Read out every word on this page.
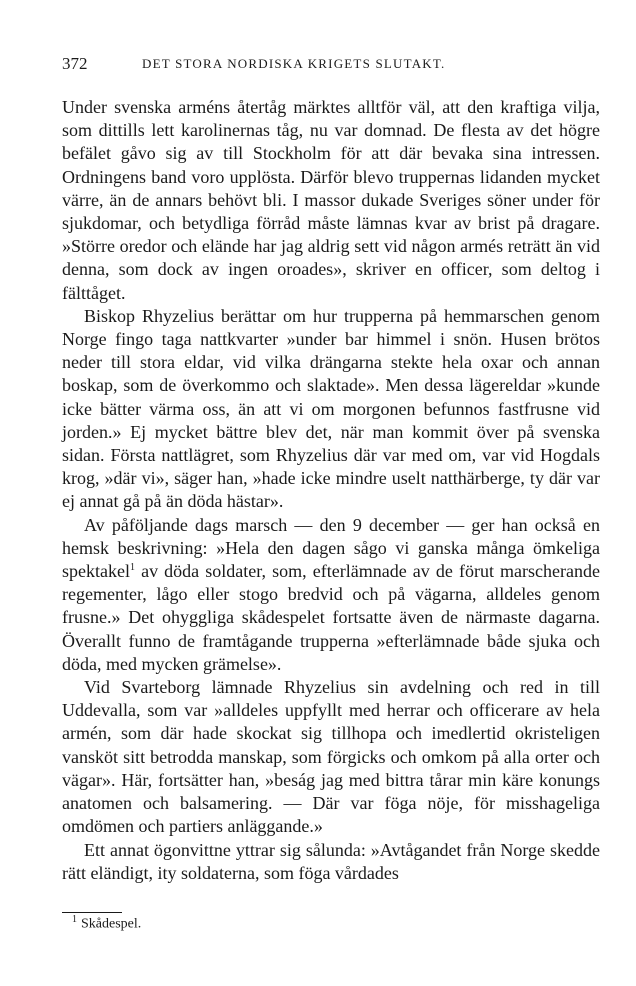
372	DET STORA NORDISKA KRIGETS SLUTAKT.

Under svenska arméns återtåg märktes alltför väl, att den kraftiga vilja, som dittills lett karolinernas tåg, nu var domnad. De flesta av det högre befälet gåvo sig av till Stockholm för att där bevaka sina intressen. Ordningens band voro upplösta. Därför blevo truppernas lidanden mycket värre, än de annars behövt bli. I massor dukade Sveriges söner under för sjukdomar, och betydliga förråd måste lämnas kvar av brist på dragare. »Större oredor och elände har jag aldrig sett vid någon armés reträtt än vid denna, som dock av ingen oroades», skriver en officer, som deltog i fälttåget.

Biskop Rhyzelius berättar om hur trupperna på hemmarschen genom Norge fingo taga nattkvarter »under bar himmel i snön. Husen brötos neder till stora eldar, vid vilka drängarna stekte hela oxar och annan boskap, som de överkommo och slaktade». Men dessa lägereldar »kunde icke bätter värma oss, än att vi om morgonen befunnos fastfrusne vid jorden.» Ej mycket bättre blev det, när man kommit över på svenska sidan. Första nattlägret, som Rhyzelius där var med om, var vid Hogdals krog, »där vi», säger han, »hade icke mindre uselt natthärberge, ty där var ej annat gå på än döda hästar».

Av påföljande dags marsch — den 9 december — ger han också en hemsk beskrivning: »Hela den dagen sågo vi ganska många ömkeliga spektakel$^1$ av döda soldater, som, efterlämnade av de förut marscherande regementer, lågo eller stogo bredvid och på vägarna, alldeles genom frusne.» Det ohyggliga skådespelet fortsatte även de närmaste dagarna. Överallt funno de framtågande trupperna »efterlämnade både sjuka och döda, med mycken grämelse».

Vid Svarteborg lämnade Rhyzelius sin avdelning och red in till Uddevalla, som var »alldeles uppfyllt med herrar och officerare av hela armén, som där hade skockat sig tillhopa och imedlertid okristeligen vansköt sitt betrodda manskap, som förgicks och omkom på alla orter och vägar». Här, fortsätter han, »beság jag med bittra tårar min käre konungs anatomen och balsamering. — Där var föga nöje, för misshageliga omdömen och partiers anläggande.»

Ett annat ögonvittne yttrar sig sålunda: »Avtågandet från Norge skedde rätt eländigt, ity soldaterna, som föga vårdades

$^1$ Skådespel.
